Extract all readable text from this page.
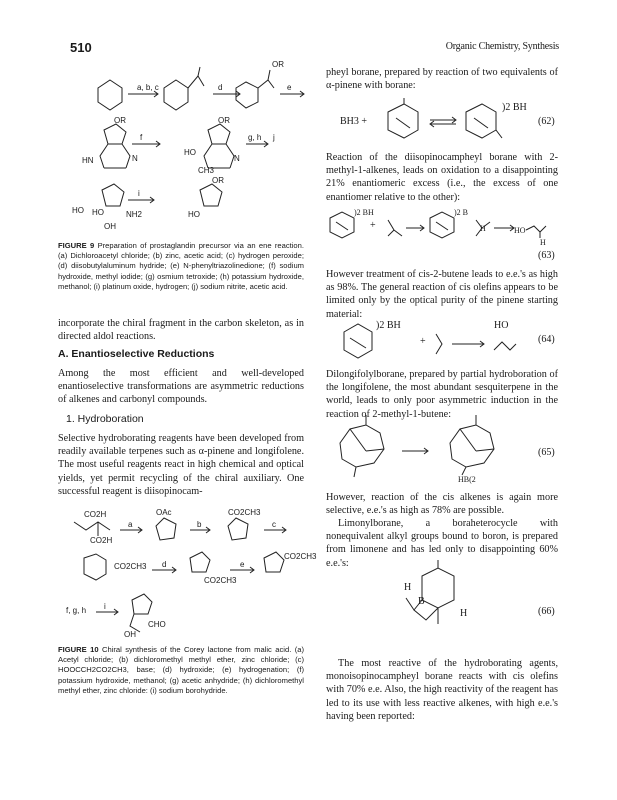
510	Organic Chemistry, Synthesis
a, b, c	d	e
f	g, h
i
j
OR
OR	OR
OR
HN
HO
HO
N	N
CH3
NH2	HO
HO
OH
FIGURE 9 Preparation of prostaglandin precursor via an ene reaction. (a) Dichloroacetyl chloride; (b) zinc, acetic acid; (c) hydrogen peroxide; (d) diisobutylaluminum hydride; (e) N-phenyltriazolinedione; (f) sodium hydroxide, methyl iodide; (g) osmium tetroxide; (h) potassium hydroxide, methanol; (i) platinum oxide, hydrogen; (j) sodium nitrite, acetic acid.
incorporate the chiral fragment in the carbon skeleton, as in directed aldol reactions.
A. Enantioselective Reductions
Among the most efficient and well-developed enantioselective transformations are asymmetric reductions of alkenes and carbonyl compounds.
1. Hydroboration
Selective hydroborating reagents have been developed from readily available terpenes such as α-pinene and longifolene. The most useful reagents react in high chemical and optical yields, yet permit recycling of the chiral auxiliary. One successful reagent is diisopinocam-
CO2H
CO2H
OAc	CO2CH3
CO2CH3
CO2CH3
CO2CH3
CHO
OH
a	b	c
d	e
f, g, h i
FIGURE 10 Chiral synthesis of the Corey lactone from malic acid. (a) Acetyl chloride; (b) dichloromethyl methyl ether, zinc chloride; (c) HOOCCH2CO2CH3, base; (d) hydroxide; (e) hydrogenation; (f) potassium hydroxide, methanol; (g) acetic anhydride; (h) dichloromethyl methyl ether, zinc chloride: (i) sodium borohydride.
pheyl borane, prepared by reaction of two equivalents of α-pinene with borane:
BH3 +
)2 BH
(62)
Reaction of the diisopinocampheyl borane with 2-methyl-1-alkenes, leads on oxidation to a disappointing 21% enantiomeric excess (i.e., the excess of one enantiomer relative to the other):
)2 BH
+
)2 B
H	HO
H
(63)
However treatment of cis-2-butene leads to e.e.'s as high as 98%. The general reaction of cis olefins appears to be limited only by the optical purity of the pinene starting material:
)2 BH
+
HO
(64)
Dilongifolylborane, prepared by partial hydroboration of the longifolene, the most abundant sesquiterpene in the world, leads to only poor asymmetric induction in the reaction of 2-methyl-1-butene:
HB(2
(65)
However, reaction of the cis alkenes is again more selective, e.e.'s as high as 78% are possible.
Limonylborane, a boraheterocycle with nonequivalent alkyl groups bound to boron, is prepared from limonene and has led only to disappointing 60% e.e.'s:
H
B
H	(66)
The most reactive of the hydroborating agents, monoisopinocampheyl borane reacts with cis olefins with 70% e.e. Also, the high reactivity of the reagent has led to its use with less reactive alkenes, with high e.e.'s having been reported:
